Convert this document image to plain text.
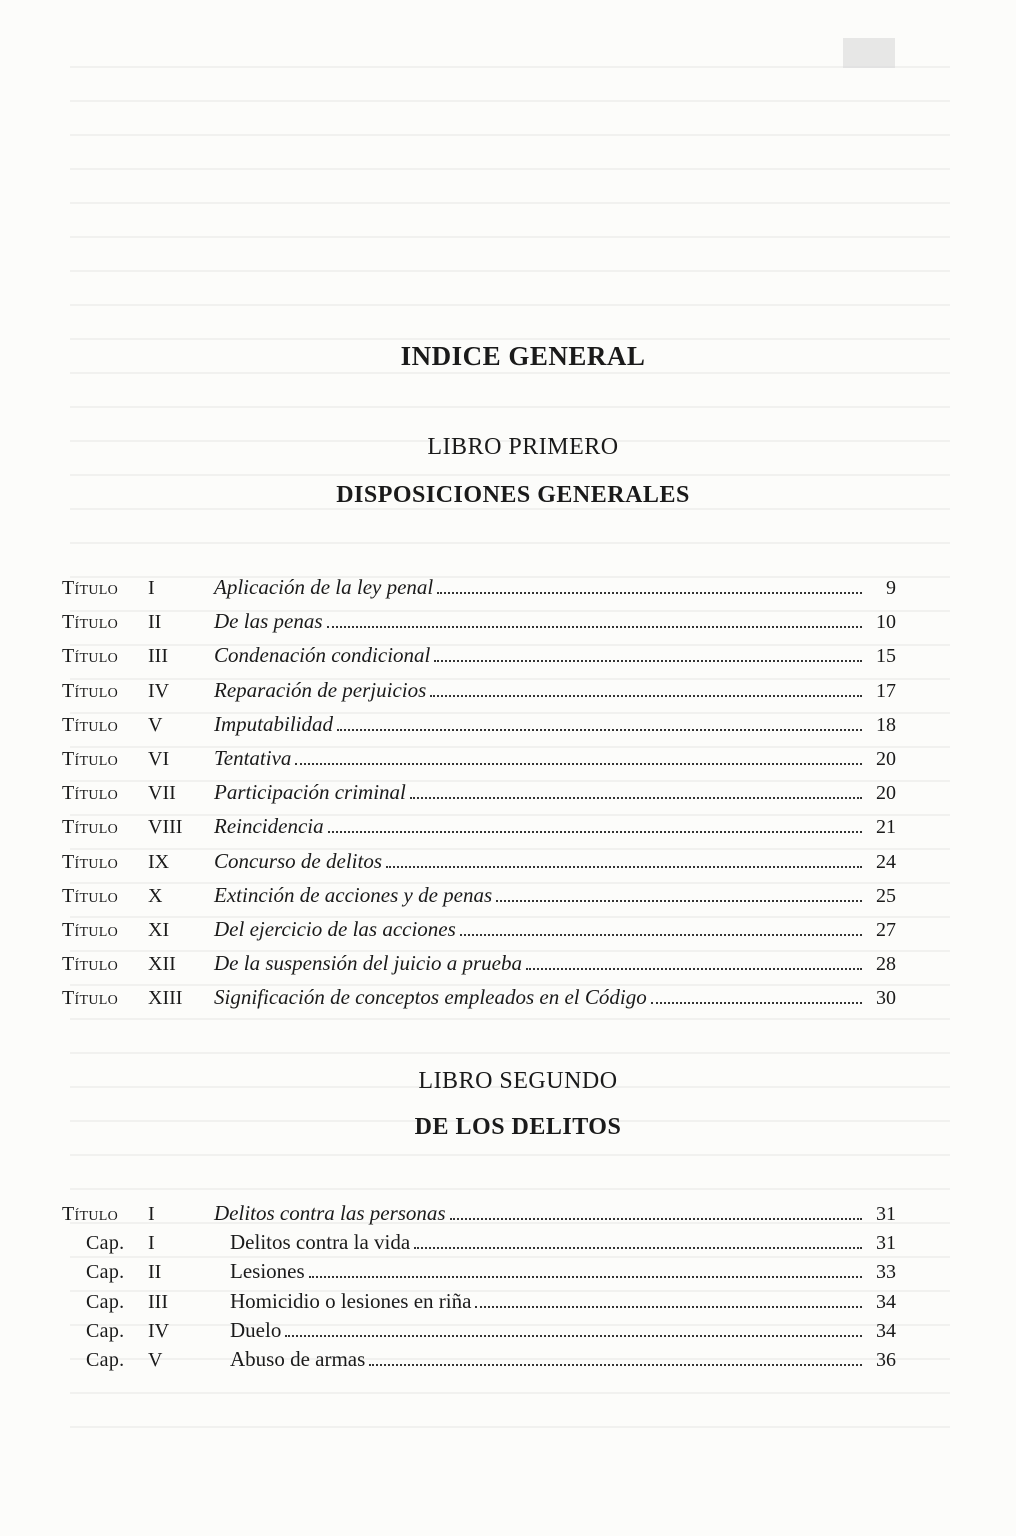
INDICE GENERAL
LIBRO PRIMERO
DISPOSICIONES GENERALES
Título	I	Aplicación de la ley penal	9
Título	II	De las penas	10
Título	III	Condenación condicional	15
Título	IV	Reparación de perjuicios	17
Título	V	Imputabilidad	18
Título	VI	Tentativa	20
Título	VII	Participación criminal	20
Título	VIII	Reincidencia	21
Título	IX	Concurso de delitos	24
Título	X	Extinción de acciones y de penas	25
Título	XI	Del ejercicio de las acciones	27
Título	XII	De la suspensión del juicio a prueba	28
Título	XIII	Significación de conceptos empleados en el Código	30
LIBRO SEGUNDO
DE LOS DELITOS
Título	I	Delitos contra las personas	31
Cap.	I	Delitos contra la vida	31
Cap.	II	Lesiones	33
Cap.	III	Homicidio o lesiones en riña	34
Cap.	IV	Duelo	34
Cap.	V	Abuso de armas	36
